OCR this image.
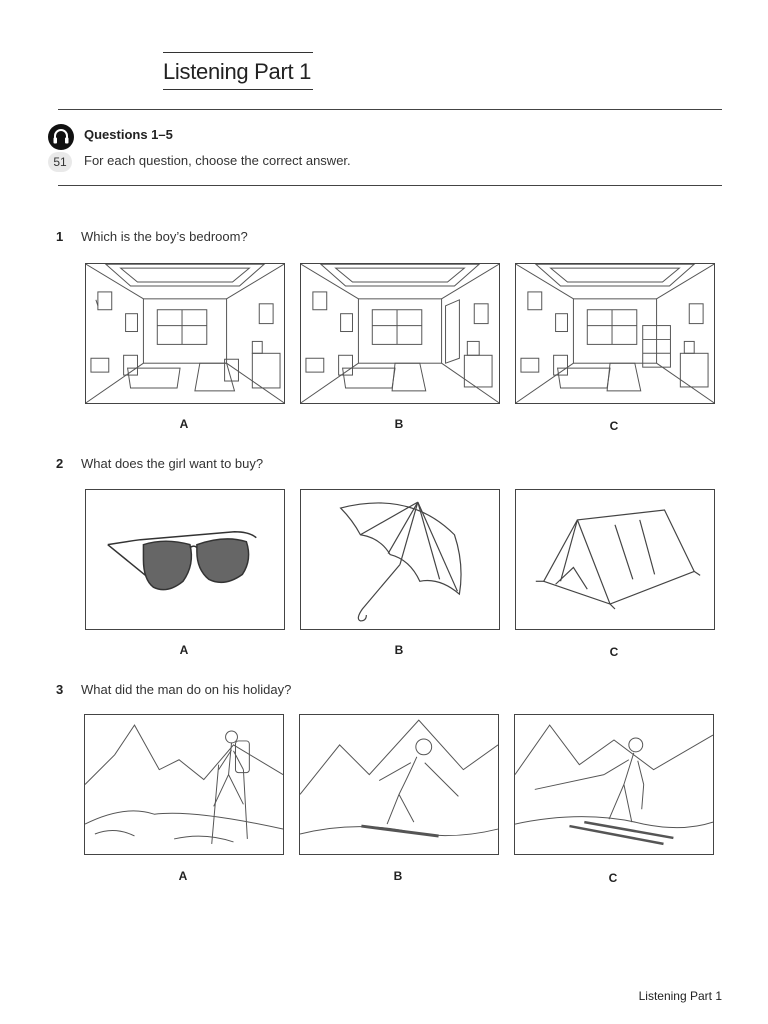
Listening Part 1
51
Questions 1–5
For each question, choose the correct answer.
1 Which is the boy’s bedroom?
A	B	C
2 What does the girl want to buy?
A	B	C
3 What did the man do on his holiday?
A	B	C
Listening Part 1
